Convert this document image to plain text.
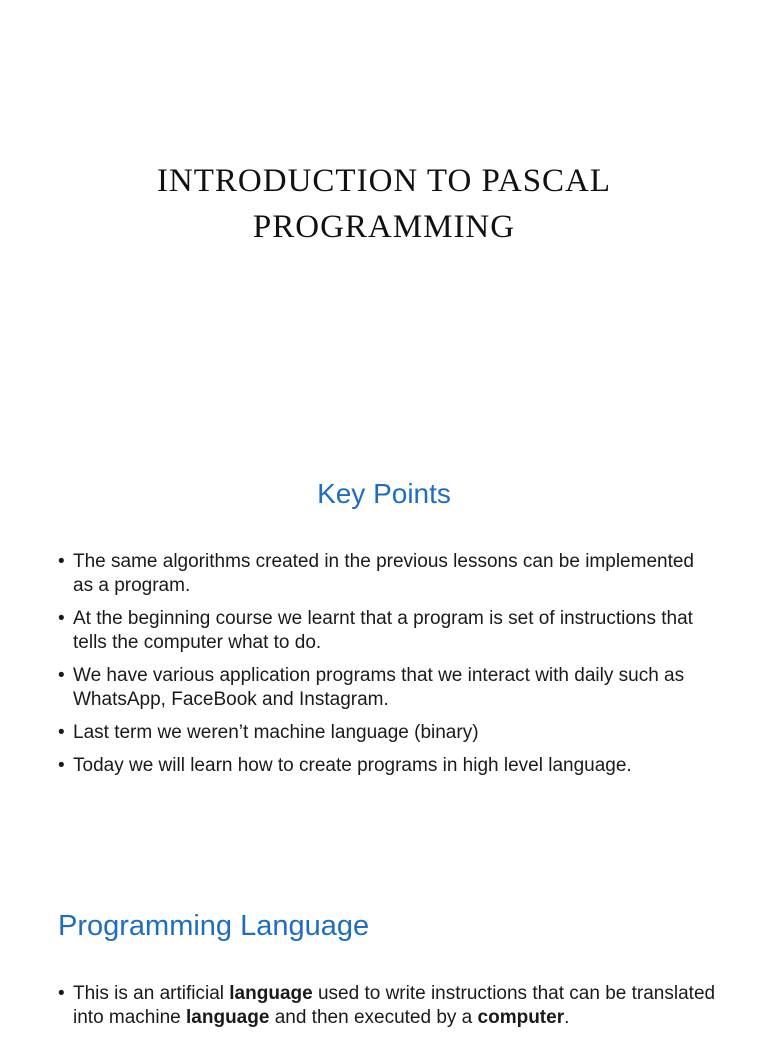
INTRODUCTION TO PASCAL
PROGRAMMING
Key Points
• The same algorithms created in the previous lessons can be implemented as a program.
• At the beginning course we learnt that a program is set of instructions that tells the computer what to do.
• We have various application programs that we interact with daily such as WhatsApp, FaceBook and Instagram.
• Last term we weren’t machine language (binary)
• Today we will learn how to create programs in high level language.
Programming Language
• This is an artificial language used to write instructions that can be translated into machine language and then executed by a computer.
